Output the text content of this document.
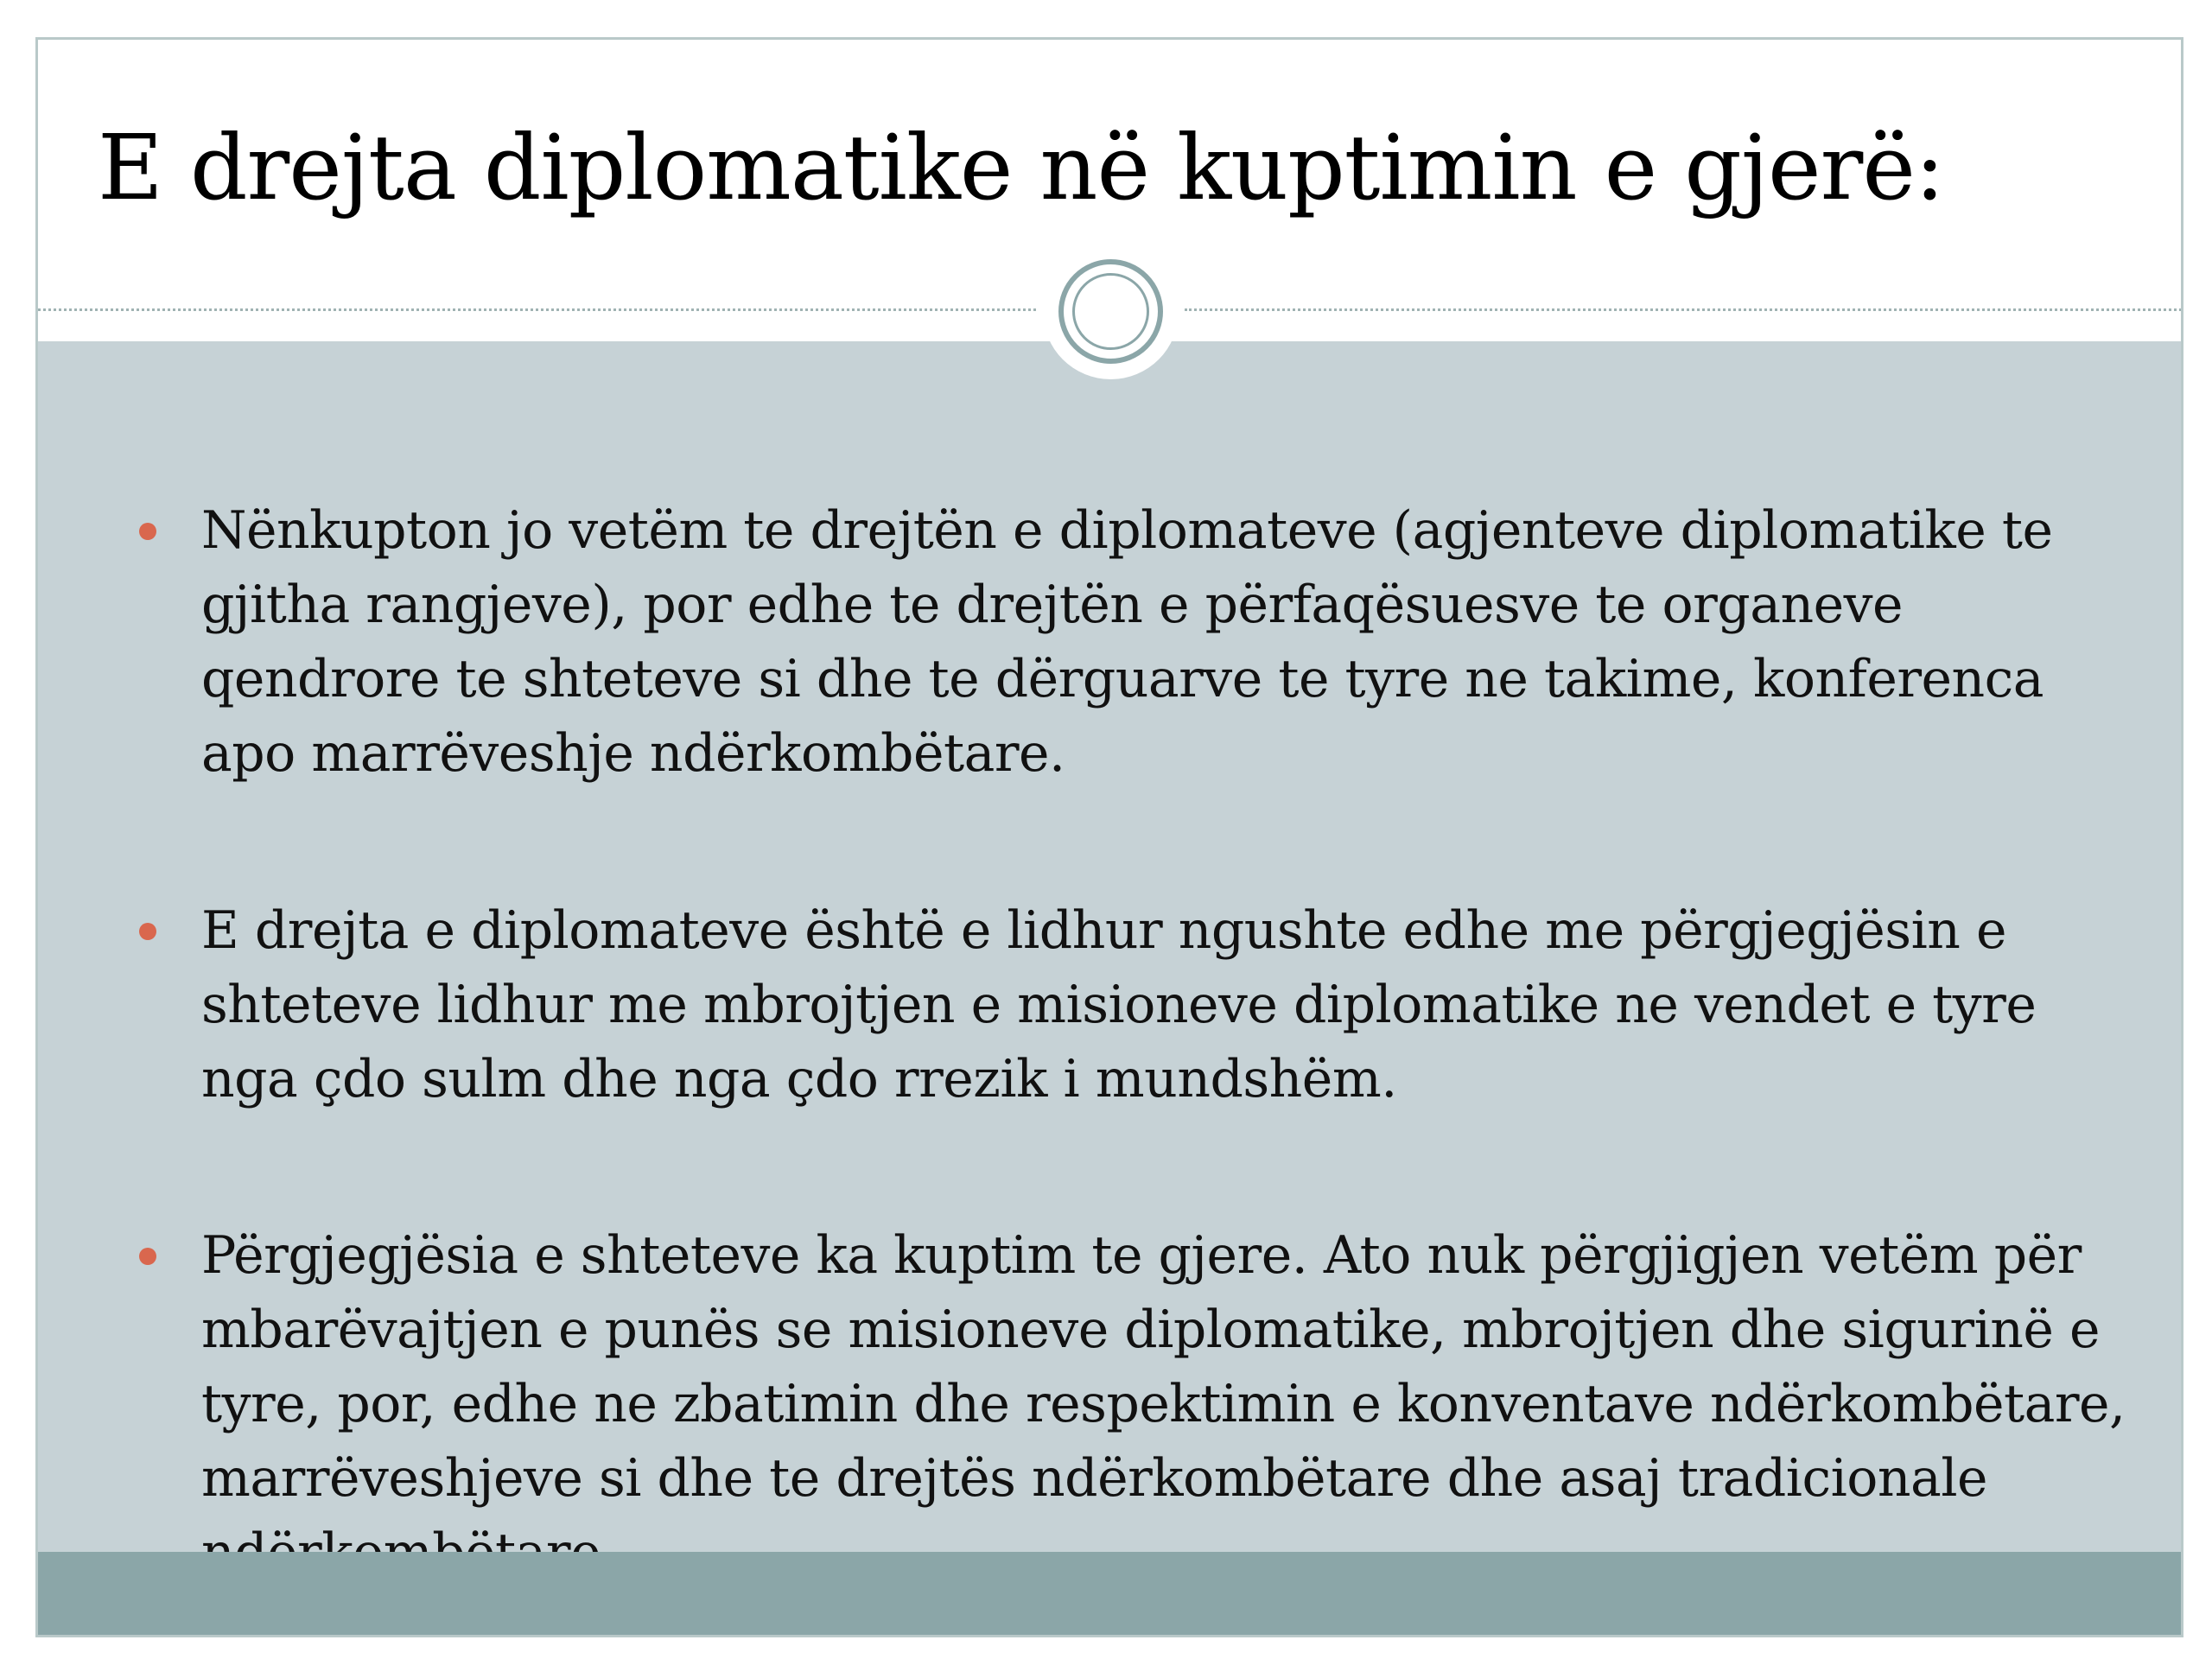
E drejta diplomatike në kuptimin e gjerë:

Nënkupton jo vetëm te drejtën e diplomateve (agjenteve diplomatike te gjitha rangjeve), por edhe te drejtën e përfaqësuesve te organeve qendrore te shteteve si dhe te dërguarve te tyre ne takime, konferenca apo marrëveshje ndërkombëtare.

E drejta e diplomateve është e lidhur ngushte edhe me përgjegjësin e shteteve lidhur me mbrojtjen e misioneve diplomatike ne vendet e tyre nga çdo sulm dhe nga çdo rrezik i mundshëm.

Përgjegjësia e shteteve ka kuptim te gjere. Ato nuk përgjigjen vetëm për mbarëvajtjen e punës se misioneve diplomatike, mbrojtjen dhe sigurinë e tyre, por, edhe ne zbatimin dhe respektimin e konventave ndërkombëtare, marrëveshjeve si dhe te drejtës ndërkombëtare dhe asaj tradicionale
